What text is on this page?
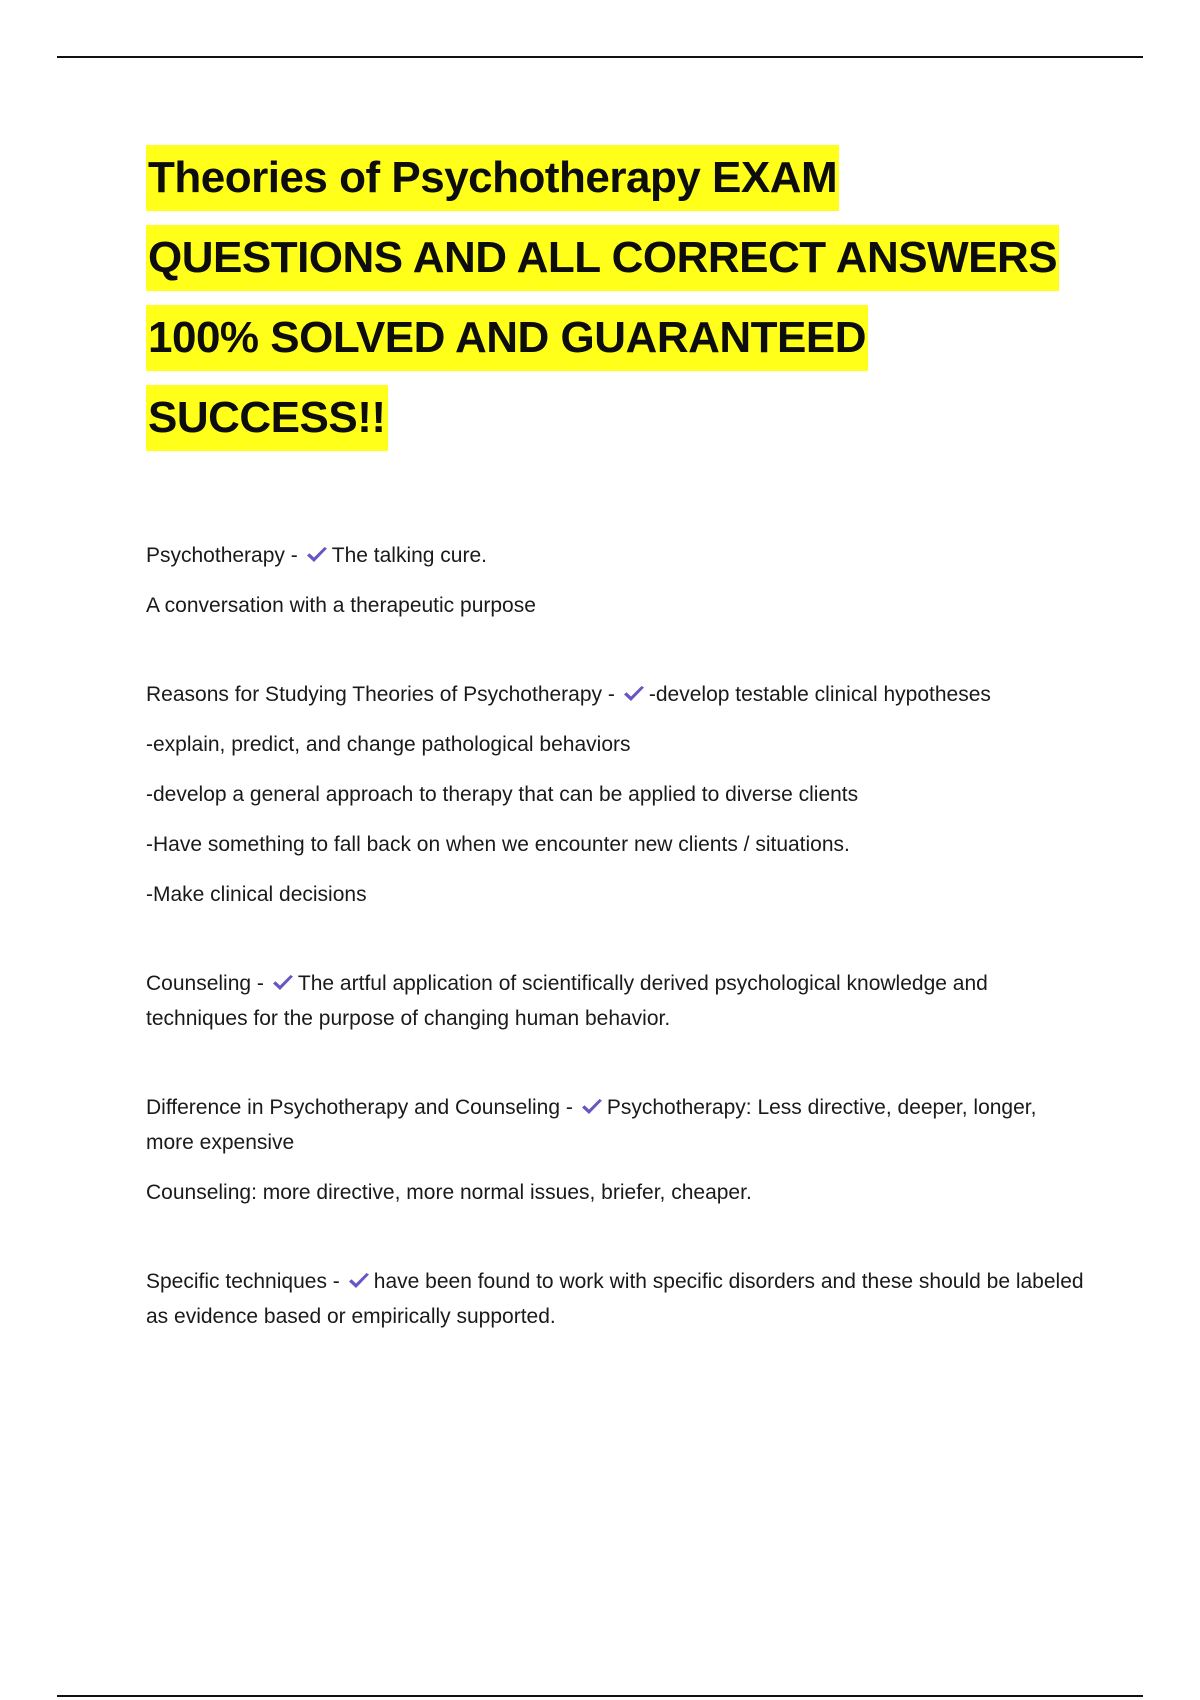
Theories of Psychotherapy EXAM
QUESTIONS AND ALL CORRECT ANSWERS
100% SOLVED AND GUARANTEED
SUCCESS!!
Psychotherapy - The talking cure.
A conversation with a therapeutic purpose
Reasons for Studying Theories of Psychotherapy - -develop testable clinical hypotheses
-explain, predict, and change pathological behaviors
-develop a general approach to therapy that can be applied to diverse clients
-Have something to fall back on when we encounter new clients / situations.
-Make clinical decisions
Counseling - The artful application of scientifically derived psychological knowledge and techniques for the purpose of changing human behavior.
Difference in Psychotherapy and Counseling - Psychotherapy: Less directive, deeper, longer, more expensive
Counseling: more directive, more normal issues, briefer, cheaper.
Specific techniques - have been found to work with specific disorders and these should be labeled as evidence based or empirically supported.
